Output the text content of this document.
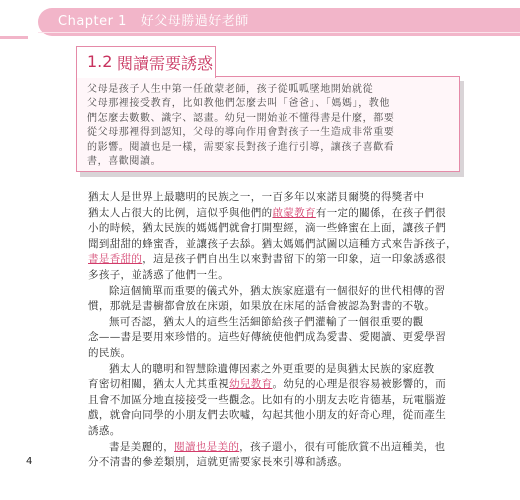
Chapter 1 好父母勝過好老師
1.2 閱讀需要誘惑
父母是孩子人生中第一任啟蒙老師，孩子從呱呱墜地開始就從
父母那裡接受教育，比如教他們怎麼去叫「爸爸」、「媽媽」，教他
們怎麼去數數、識字、認畫。幼兒一開始並不懂得書是什麼，都要
從父母那裡得到認知，父母的導向作用會對孩子一生造成非常重要
的影響。閱讀也是一樣，需要家長對孩子進行引導，讓孩子喜歡看
書，喜歡閱讀。

猶太人是世界上最聰明的民族之一，一百多年以來諾貝爾獎的得獎者中
猶太人占很大的比例，這似乎與他們的啟蒙教育有一定的關係，在孩子們很
小的時候，猶太民族的媽媽們就會打開聖經，滴一些蜂蜜在上面，讓孩子們
聞到甜甜的蜂蜜香，並讓孩子去舔。猶太媽媽們試圖以這種方式來告訴孩子，
書是香甜的，這是孩子們自出生以來對書留下的第一印象，這一印象誘惑很
多孩子，並誘惑了他們一生。

除這個簡單而重要的儀式外，猶太族家庭還有一個很好的世代相傳的習
慣，那就是書櫥都會放在床頭，如果放在床尾的話會被認為對書的不敬。

無可否認，猶太人的這些生活細節給孩子們灌輸了一個很重要的觀
念——書是要用來珍惜的。這些好傳統使他們成為愛書、愛閱讀、更愛學習
的民族。

猶太人的聰明和智慧除遺傳因素之外更重要的是與猶太民族的家庭教
育密切相關，猶太人尤其重視幼兒教育。幼兒的心理是很容易被影響的，而
且會不加區分地直接接受一些觀念。比如有的小朋友去吃肯德基，玩電腦遊
戲，就會向同學的小朋友們去吹噓，勾起其他小朋友的好奇心理，從而產生
誘惑。

書是美麗的，閱讀也是美的，孩子還小，很有可能欣賞不出這種美，也
分不清書的參差類別，這就更需要家長來引導和誘惑。

4
